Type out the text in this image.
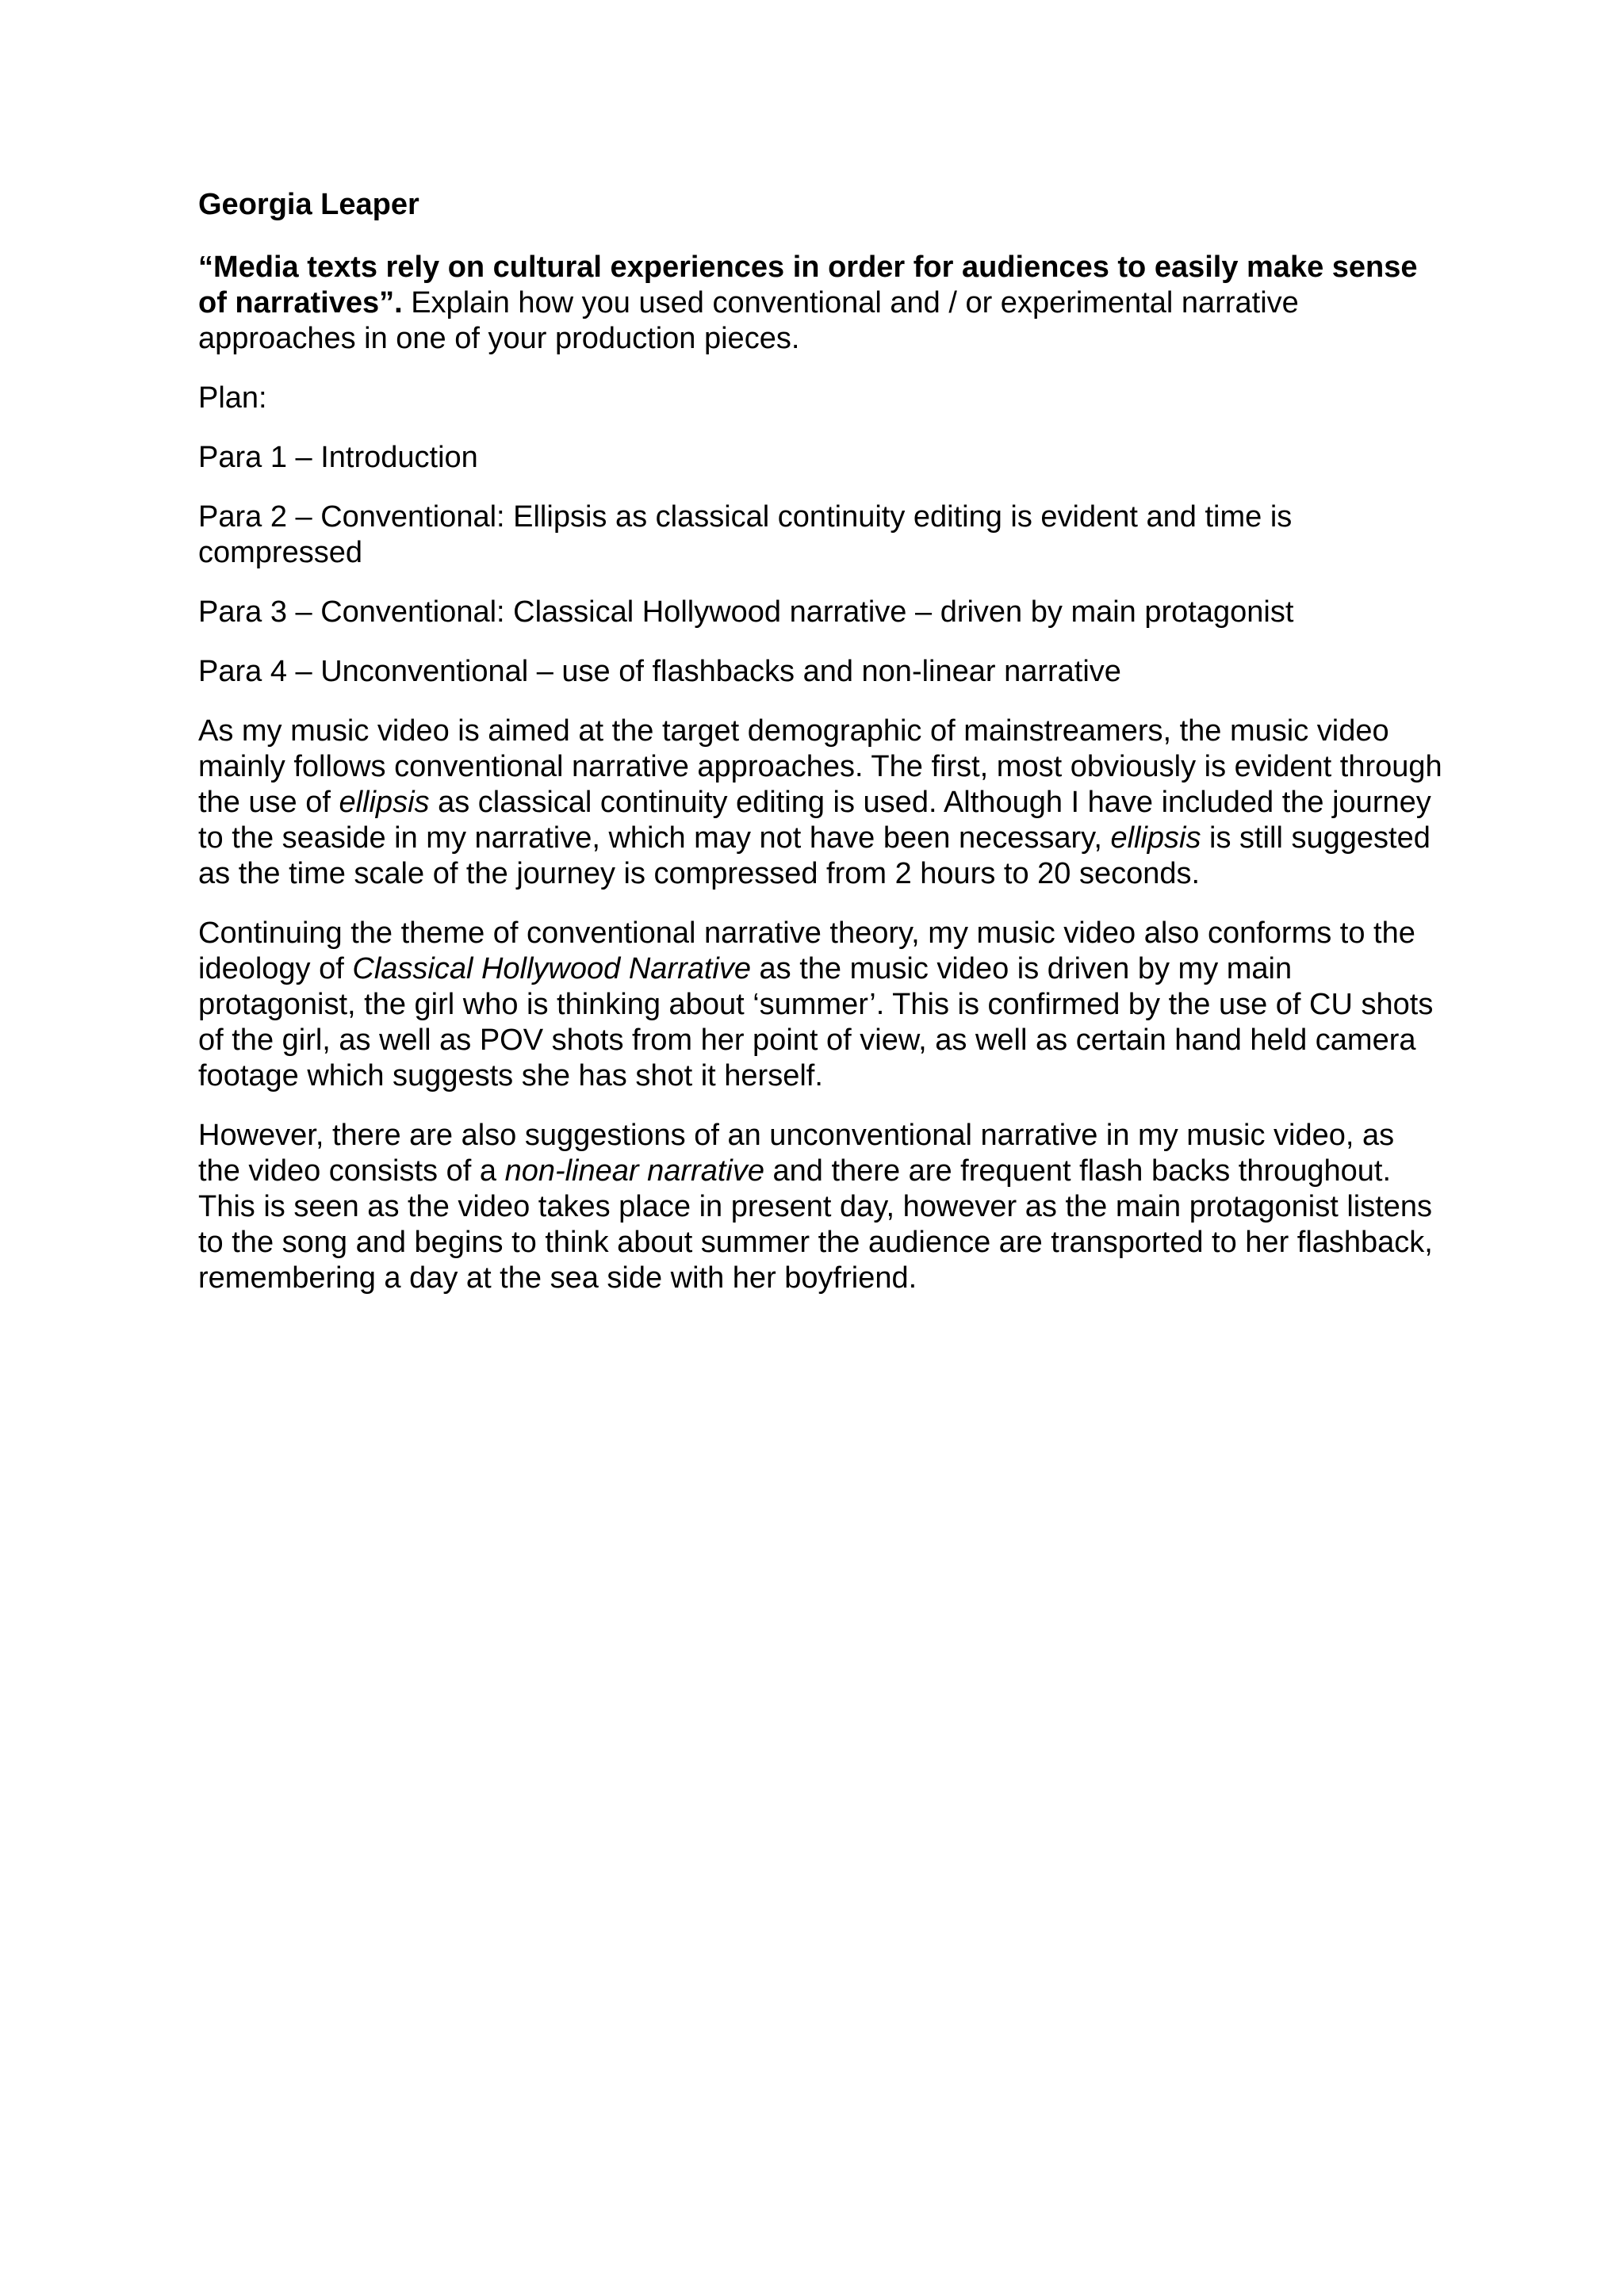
Georgia Leaper

“Media texts rely on cultural experiences in order for audiences to easily make sense of narratives”. Explain how you used conventional and / or experimental narrative approaches in one of your production pieces.

Plan:

Para 1 – Introduction

Para 2 – Conventional: Ellipsis as classical continuity editing is evident and time is compressed

Para 3 – Conventional: Classical Hollywood narrative – driven by main protagonist

Para 4 – Unconventional – use of flashbacks and non-linear narrative

As my music video is aimed at the target demographic of mainstreamers, the music video mainly follows conventional narrative approaches. The first, most obviously is evident through the use of ellipsis as classical continuity editing is used. Although I have included the journey to the seaside in my narrative, which may not have been necessary, ellipsis is still suggested as the time scale of the journey is compressed from 2 hours to 20 seconds.

Continuing the theme of conventional narrative theory, my music video also conforms to the ideology of Classical Hollywood Narrative as the music video is driven by my main protagonist, the girl who is thinking about ‘summer’. This is confirmed by the use of CU shots of the girl, as well as POV shots from her point of view, as well as certain hand held camera footage which suggests she has shot it herself.

However, there are also suggestions of an unconventional narrative in my music video, as the video consists of a non-linear narrative and there are frequent flash backs throughout. This is seen as the video takes place in present day, however as the main protagonist listens to the song and begins to think about summer the audience are transported to her flashback, remembering a day at the sea side with her boyfriend.
